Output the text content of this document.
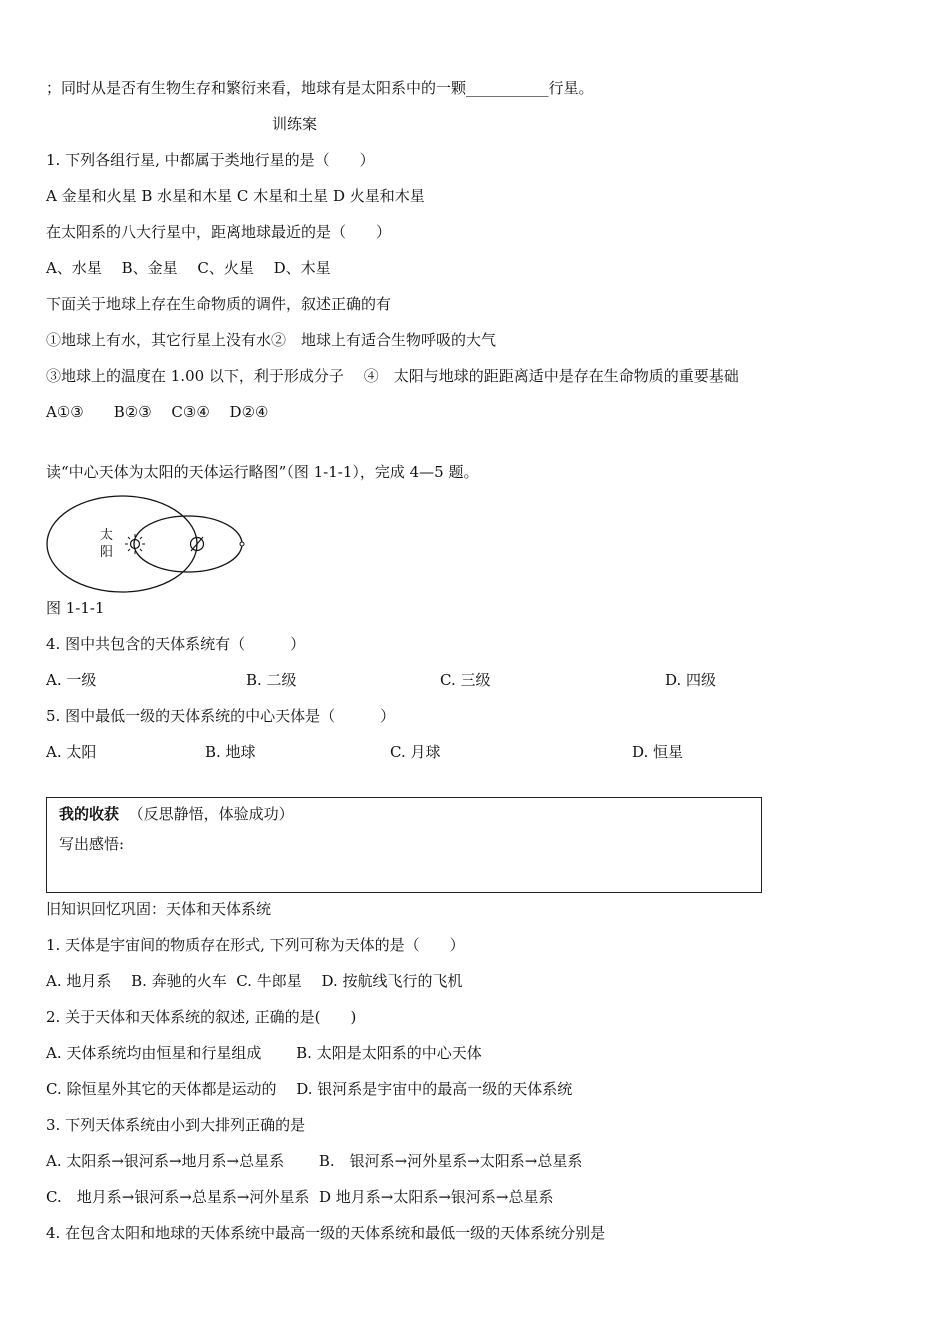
；同时从是否有生物生存和繁衍来看，地球有是太阳系中的一颗___________行星。
训练案
1. 下列各组行星, 中都属于类地行星的是（　　）
A 金星和火星 B 水星和木星 C 木星和土星 D 火星和木星
在太阳系的八大行星中，距离地球最近的是（　　）
A、水星　 B、金星　 C、火星　 D、木星
下面关于地球上存在生命物质的调件，叙述正确的有
①地球上有水，其它行星上没有水②　地球上有适合生物呼吸的大气
③地球上的温度在 1.00 以下，利于形成分子　 ④　太阳与地球的距距离适中是存在生命物质的重要基础
A①③　　B②③　 C③④　 D②④
读“中心天体为太阳的天体运行略图”（图 1-1-1），完成 4—5 题。
太
阳
图 1-1-1
4. 图中共包含的天体系统有（　　　）
A. 一级	B. 二级	C. 三级	D. 四级
5. 图中最低一级的天体系统的中心天体是（　　　）
A. 太阳	B. 地球	C. 月球	D. 恒星
我的收获 （反思静悟，体验成功）
写出感悟:
旧知识回忆巩固：天体和天体系统
1. 天体是宇宙间的物质存在形式, 下列可称为天体的是（　　）
A. 地月系　 B. 奔驰的火车  C. 牛郎星　 D. 按航线飞行的飞机
2. 关于天体和天体系统的叙述, 正确的是(　　)
A. 天体系统均由恒星和行星组成　　 B. 太阳是太阳系的中心天体
C. 除恒星外其它的天体都是运动的　 D. 银河系是宇宙中的最高一级的天体系统
3. 下列天体系统由小到大排列正确的是
A. 太阳系→银河系→地月系→总星系　　 B.　银河系→河外星系→太阳系→总星系
C.　地月系→银河系→总星系→河外星系  D 地月系→太阳系→银河系→总星系
4. 在包含太阳和地球的天体系统中最高一级的天体系统和最低一级的天体系统分别是
